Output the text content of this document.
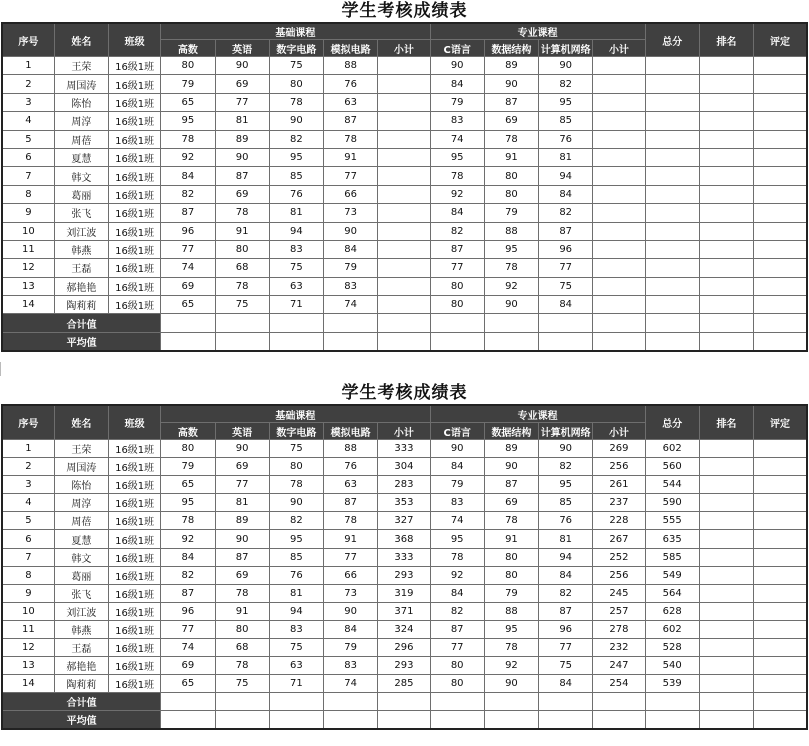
学生考核成绩表
序号	姓名	班级	基础课程					专业课程				总分	排名	评定
			高数	英语	数字电路	模拟电路	小计	C语言	数据结构	计算机网络	小计			
1	王荣	16级1班	80	90	75	88		90	89	90				
2	周国涛	16级1班	79	69	80	76		84	90	82				
3	陈怡	16级1班	65	77	78	63		79	87	95				
4	周淳	16级1班	95	81	90	87		83	69	85				
5	周蓓	16级1班	78	89	82	78		74	78	76				
6	夏慧	16级1班	92	90	95	91		95	91	81				
7	韩文	16级1班	84	87	85	77		78	80	94				
8	葛丽	16级1班	82	69	76	66		92	80	84				
9	张飞	16级1班	87	78	81	73		84	79	82				
10	刘江波	16级1班	96	91	94	90		82	88	87				
11	韩燕	16级1班	77	80	83	84		87	95	96				
12	王磊	16级1班	74	68	75	79		77	78	77				
13	郝艳艳	16级1班	69	78	63	83		80	92	75				
14	陶莉莉	16级1班	65	75	71	74		80	90	84				
合计值														
平均值														
学生考核成绩表
序号	姓名	班级	基础课程					专业课程				总分	排名	评定
			高数	英语	数字电路	模拟电路	小计	C语言	数据结构	计算机网络	小计			
1	王荣	16级1班	80	90	75	88	333	90	89	90	269	602		
2	周国涛	16级1班	79	69	80	76	304	84	90	82	256	560		
3	陈怡	16级1班	65	77	78	63	283	79	87	95	261	544		
4	周淳	16级1班	95	81	90	87	353	83	69	85	237	590		
5	周蓓	16级1班	78	89	82	78	327	74	78	76	228	555		
6	夏慧	16级1班	92	90	95	91	368	95	91	81	267	635		
7	韩文	16级1班	84	87	85	77	333	78	80	94	252	585		
8	葛丽	16级1班	82	69	76	66	293	92	80	84	256	549		
9	张飞	16级1班	87	78	81	73	319	84	79	82	245	564		
10	刘江波	16级1班	96	91	94	90	371	82	88	87	257	628		
11	韩燕	16级1班	77	80	83	84	324	87	95	96	278	602		
12	王磊	16级1班	74	68	75	79	296	77	78	77	232	528		
13	郝艳艳	16级1班	69	78	63	83	293	80	92	75	247	540		
14	陶莉莉	16级1班	65	75	71	74	285	80	90	84	254	539		
合计值														
平均值														
